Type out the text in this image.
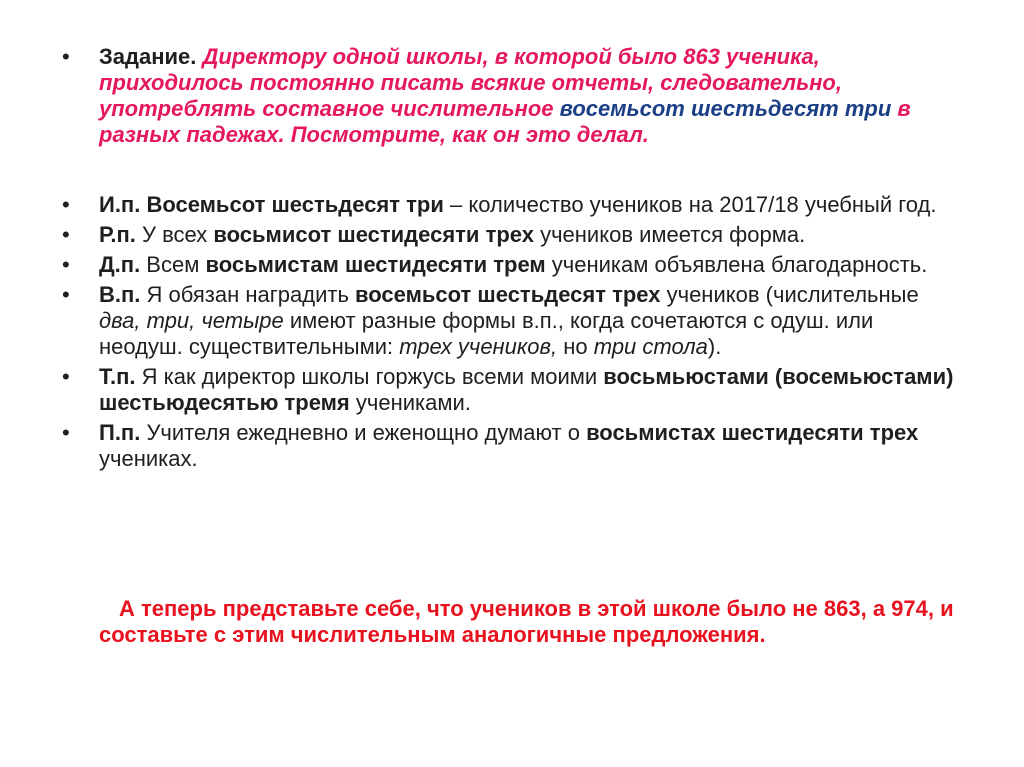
•	Задание. Директору одной школы, в которой было 863 ученика, приходилось постоянно писать всякие отчеты, следовательно, употреблять составное числительное восемьсот шестьдесят три в разных падежах. Посмотрите, как он это делал.
•	И.п. Восемьсот шестьдесят три – количество учеников на 2017/18 учебный год.
•	Р.п. У всех восьмисот шестидесяти трех учеников имеется форма.
•	Д.п. Всем восьмистам шестидесяти трем ученикам объявлена благодарность.
•	В.п. Я обязан наградить восемьсот шестьдесят трех учеников (числительные два, три, четыре имеют разные формы в.п., когда сочетаются с одуш. или неодуш. существительными: трех учеников, но три стола).
•	Т.п. Я как директор школы горжусь всеми моими восьмьюстами (восемьюстами) шестьюдесятью тремя учениками.
•	П.п. Учителя ежедневно и еженощно думают о восьмистах шестидесяти трех учениках.

А теперь представьте себе, что учеников в этой школе было не 863, а 974, и составьте с этим числительным аналогичные предложения.
